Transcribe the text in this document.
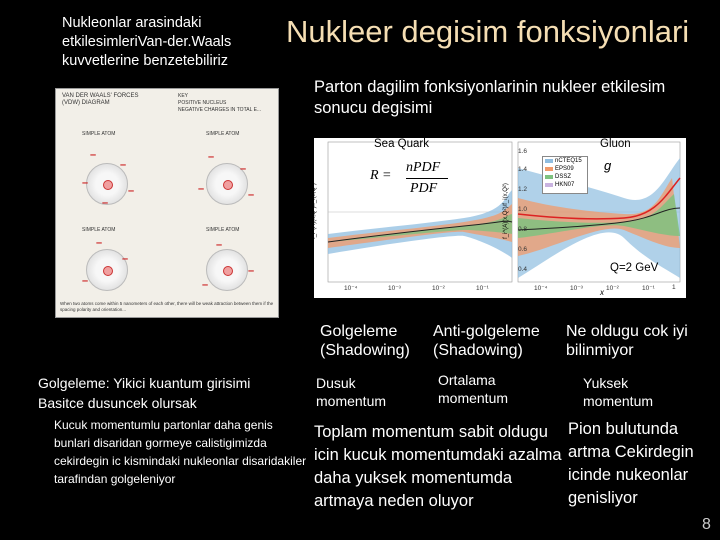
Nukleonlar arasindaki etkilesimleriVan-der.Waals kuvvetlerine benzetebiliriz
Nukleer degisim fonksiyonlari
Parton dagilim fonksiyonlarinin nukleer etkilesim sonucu degisimi
VAN DER WAALS' FORCES (VDW) DIAGRAM
KEY
POSITIVE NUCLEUS
NEGATIVE CHARGES IN TOTAL E...
SIMPLE ATOM	SIMPLE ATOM
SIMPLE ATOM	SIMPLE ATOM
–
–
–
–
–
–
–
–	–
–
–
–
–
–
–
When two atoms come within 5 nanometers of each other, there will be weak attraction between them if the spacing polarity and orientation...
Sea Quark	Gluon
R =
nPDF
PDF
g
Q=2 GeV
x
f_i^(A)(x,Q²)/f_i(x,Q²)	f_i^(A)(x,Q²)/f_i(x,Q²)
1.6
1.4
1.2
1.0
0.8
0.6
0.4
10⁻⁴	10⁻³	10⁻²	10⁻¹	10⁻⁴	10⁻³	10⁻²	10⁻¹	1
nCTEQ15
EPS09
DSSZ
HKN07
Golgeleme (Shadowing)
Anti-golgeleme (Shadowing)
Ne oldugu cok iyi bilinmiyor
Golgeleme: Yikici kuantum girisimi
Basitce dusuncek olursak
Kucuk momentumlu partonlar daha genis bunlari disaridan gormeye calistigimizda cekirdegin ic kismindaki nukleonlar disaridakiler tarafindan golgeleniyor
Dusuk momentum
Ortalama momentum
Yuksek momentum
Toplam momentum sabit oldugu icin kucuk momentumdaki azalma daha yuksek momentumda artmaya neden oluyor
Pion bulutunda artma Cekirdegin icinde nukeonlar genisliyor
8
